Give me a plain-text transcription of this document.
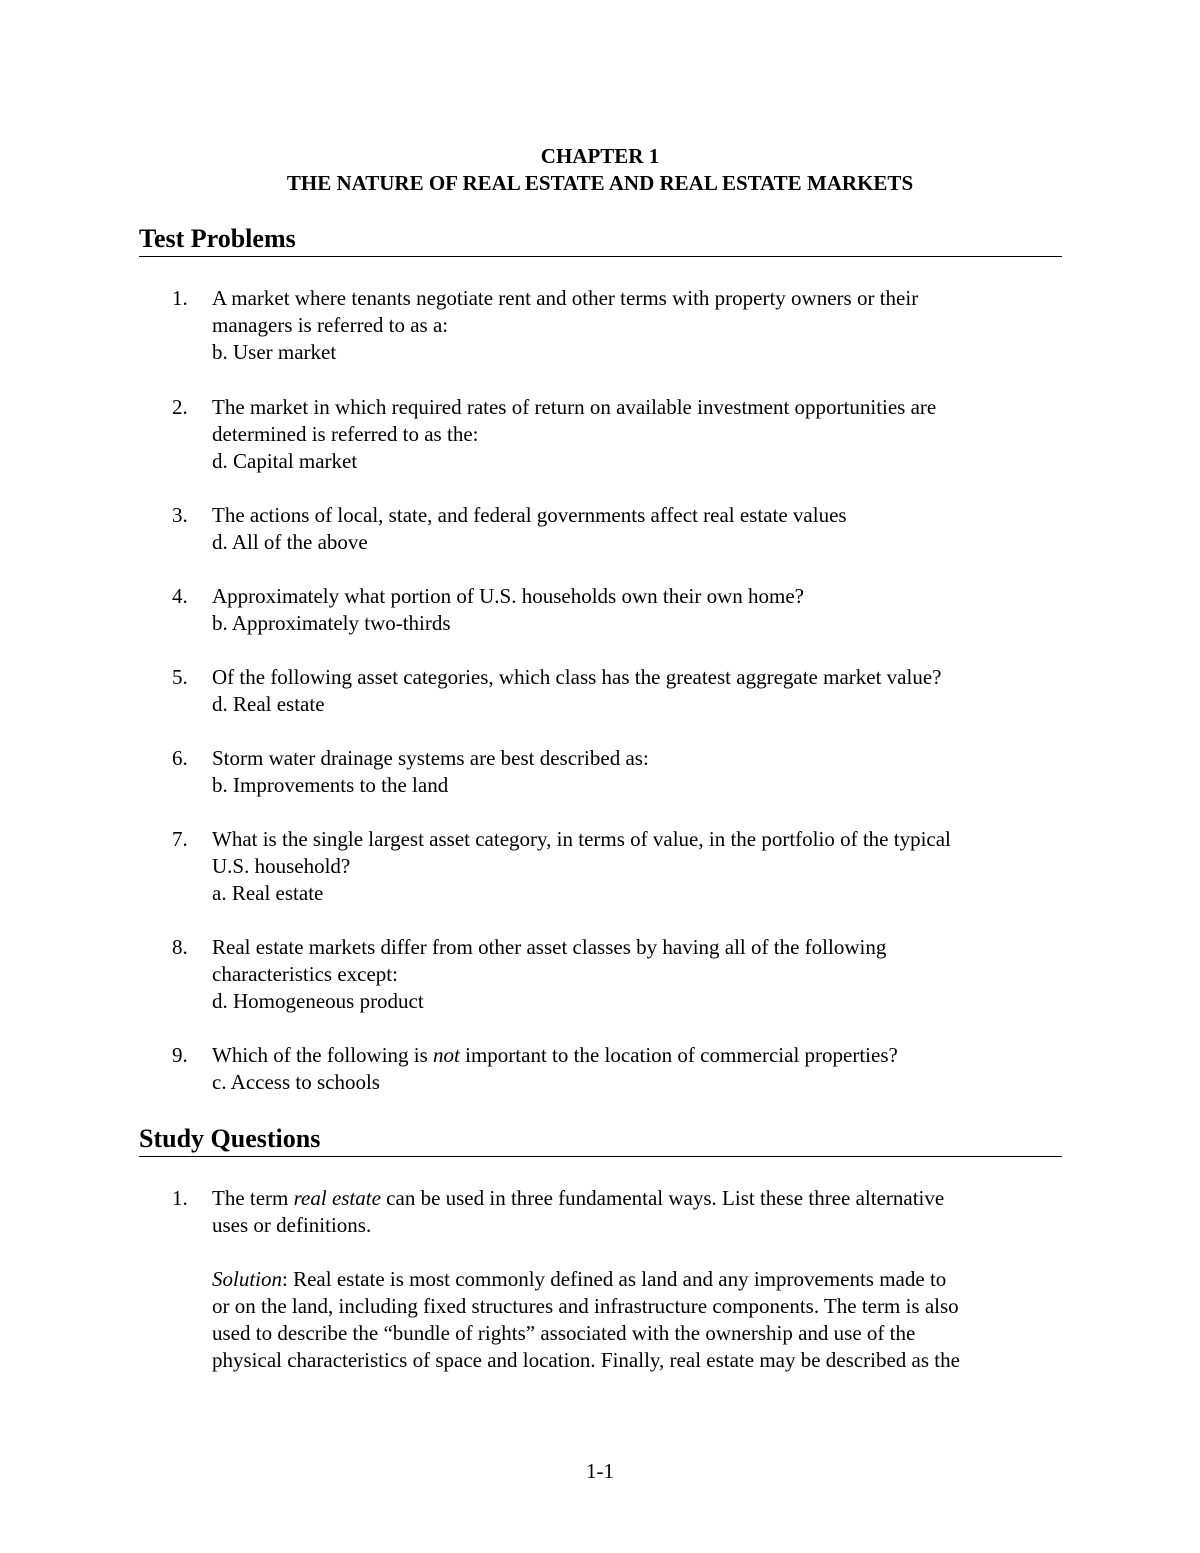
CHAPTER 1
THE NATURE OF REAL ESTATE AND REAL ESTATE MARKETS
Test Problems
1.	A market where tenants negotiate rent and other terms with property owners or their

managers is referred to as a:

b. User market

2.	The market in which required rates of return on available investment opportunities are

determined is referred to as the:

d. Capital market

3.	The actions of local, state, and federal governments affect real estate values

d. All of the above

4.	Approximately what portion of U.S. households own their own home?

b. Approximately two-thirds

5.	Of the following asset categories, which class has the greatest aggregate market value?

d. Real estate

6.	Storm water drainage systems are best described as:

b. Improvements to the land

7.	What is the single largest asset category, in terms of value, in the portfolio of the typical

U.S. household?

a. Real estate

8.	Real estate markets differ from other asset classes by having all of the following

characteristics except:

d. Homogeneous product

9.	Which of the following is not important to the location of commercial properties?

c. Access to schools

Study Questions
1.	The term real estate can be used in three fundamental ways. List these three alternative

uses or definitions.

Solution: Real estate is most commonly defined as land and any improvements made to

or on the land, including fixed structures and infrastructure components. The term is also

used to describe the “bundle of rights” associated with the ownership and use of the

physical characteristics of space and location. Finally, real estate may be described as the

1-1
